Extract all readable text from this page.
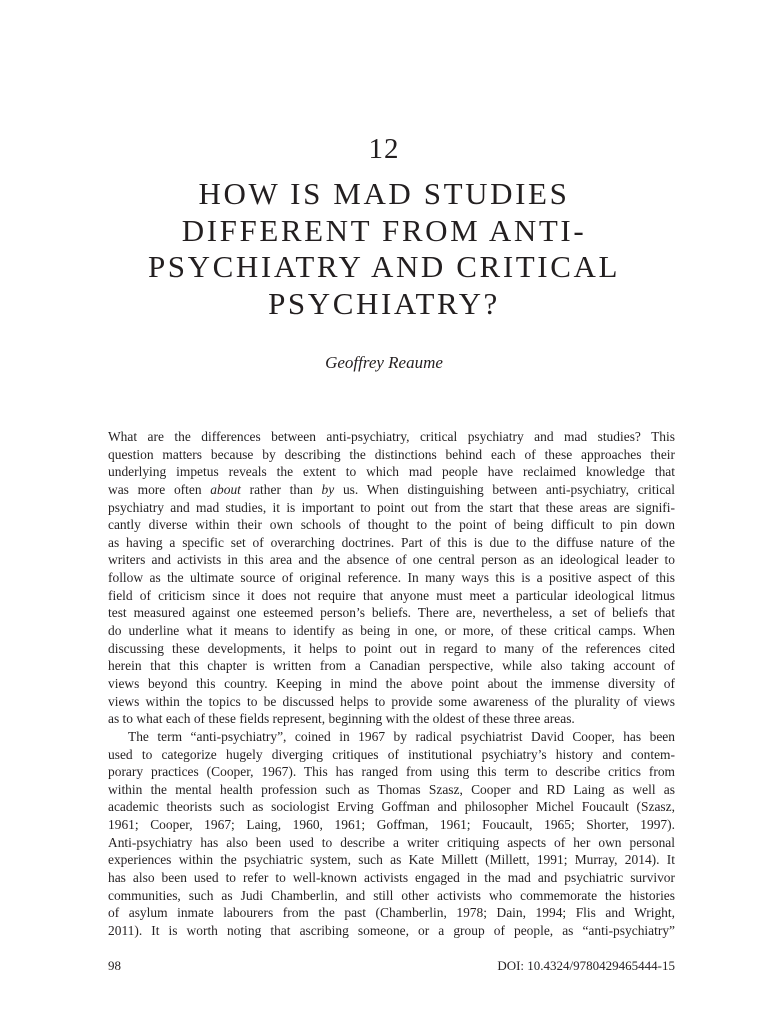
12
HOW IS MAD STUDIES
DIFFERENT FROM ANTI-
PSYCHIATRY AND CRITICAL
PSYCHIATRY?
Geoffrey Reaume
What are the differences between anti-psychiatry, critical psychiatry and mad studies? This
question matters because by describing the distinctions behind each of these approaches their
underlying impetus reveals the extent to which mad people have reclaimed knowledge that
was more often about rather than by us. When distinguishing between anti-psychiatry, critical
psychiatry and mad studies, it is important to point out from the start that these areas are signifi-
cantly diverse within their own schools of thought to the point of being difficult to pin down
as having a specific set of overarching doctrines. Part of this is due to the diffuse nature of the
writers and activists in this area and the absence of one central person as an ideological leader to
follow as the ultimate source of original reference. In many ways this is a positive aspect of this
field of criticism since it does not require that anyone must meet a particular ideological litmus
test measured against one esteemed person’s beliefs. There are, nevertheless, a set of beliefs that
do underline what it means to identify as being in one, or more, of these critical camps. When
discussing these developments, it helps to point out in regard to many of the references cited
herein that this chapter is written from a Canadian perspective, while also taking account of
views beyond this country. Keeping in mind the above point about the immense diversity of
views within the topics to be discussed helps to provide some awareness of the plurality of views
as to what each of these fields represent, beginning with the oldest of these three areas.
The term “anti-psychiatry”, coined in 1967 by radical psychiatrist David Cooper, has been
used to categorize hugely diverging critiques of institutional psychiatry’s history and contem-
porary practices (Cooper, 1967). This has ranged from using this term to describe critics from
within the mental health profession such as Thomas Szasz, Cooper and RD Laing as well as
academic theorists such as sociologist Erving Goffman and philosopher Michel Foucault (Szasz,
1961; Cooper, 1967; Laing, 1960, 1961; Goffman, 1961; Foucault, 1965; Shorter, 1997).
Anti-psychiatry has also been used to describe a writer critiquing aspects of her own personal
experiences within the psychiatric system, such as Kate Millett (Millett, 1991; Murray, 2014). It
has also been used to refer to well-known activists engaged in the mad and psychiatric survivor
communities, such as Judi Chamberlin, and still other activists who commemorate the histories
of asylum inmate labourers from the past (Chamberlin, 1978; Dain, 1994; Flis and Wright,
2011). It is worth noting that ascribing someone, or a group of people, as “anti-psychiatry”
98	DOI: 10.4324/9780429465444-15
